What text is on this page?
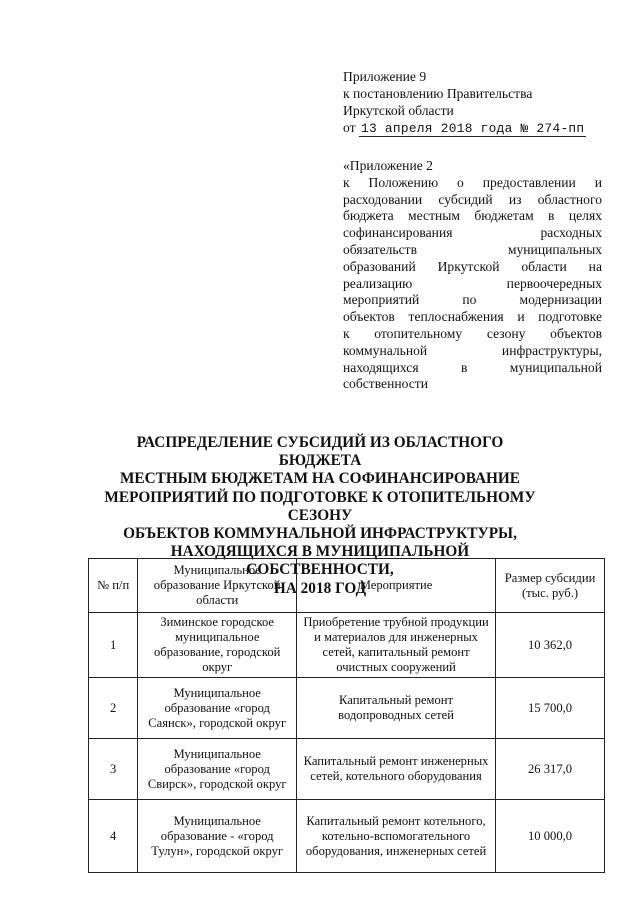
Приложение 9
к постановлению Правительства
Иркутской области
от 13 апреля 2018 года № 274-пп
«Приложение 2
к Положению о предоставлении и
расходовании субсидий из областного
бюджета местным бюджетам в целях
софинансирования расходных
обязательств муниципальных
образований Иркутской области на
реализацию первоочередных
мероприятий по модернизации
объектов теплоснабжения и подготовке
к отопительному сезону объектов
коммунальной инфраструктуры,
находящихся в муниципальной
собственности
РАСПРЕДЕЛЕНИЕ СУБСИДИЙ ИЗ ОБЛАСТНОГО БЮДЖЕТА
МЕСТНЫМ БЮДЖЕТАМ НА СОФИНАНСИРОВАНИЕ
МЕРОПРИЯТИЙ ПО ПОДГОТОВКЕ К ОТОПИТЕЛЬНОМУ СЕЗОНУ
ОБЪЕКТОВ КОММУНАЛЬНОЙ ИНФРАСТРУКТУРЫ,
НАХОДЯЩИХСЯ В МУНИЦИПАЛЬНОЙ СОБСТВЕННОСТИ,
НА 2018 ГОД
№ п/п	Муниципальное образование Иркутской области	Мероприятие	Размер субсидии (тыс. руб.)
1	Зиминское городское муниципальное образование, городской округ	Приобретение трубной продукции и материалов для инженерных сетей, капитальный ремонт очистных сооружений	10 362,0
2	Муниципальное образование «город Саянск», городской округ	Капитальный ремонт водопроводных сетей	15 700,0
3	Муниципальное образование «город Свирск», городской округ	Капитальный ремонт инженерных сетей, котельного оборудования	26 317,0
4	Муниципальное образование - «город Тулун», городской округ	Капитальный ремонт котельного, котельно-вспомогательного оборудования, инженерных сетей	10 000,0
